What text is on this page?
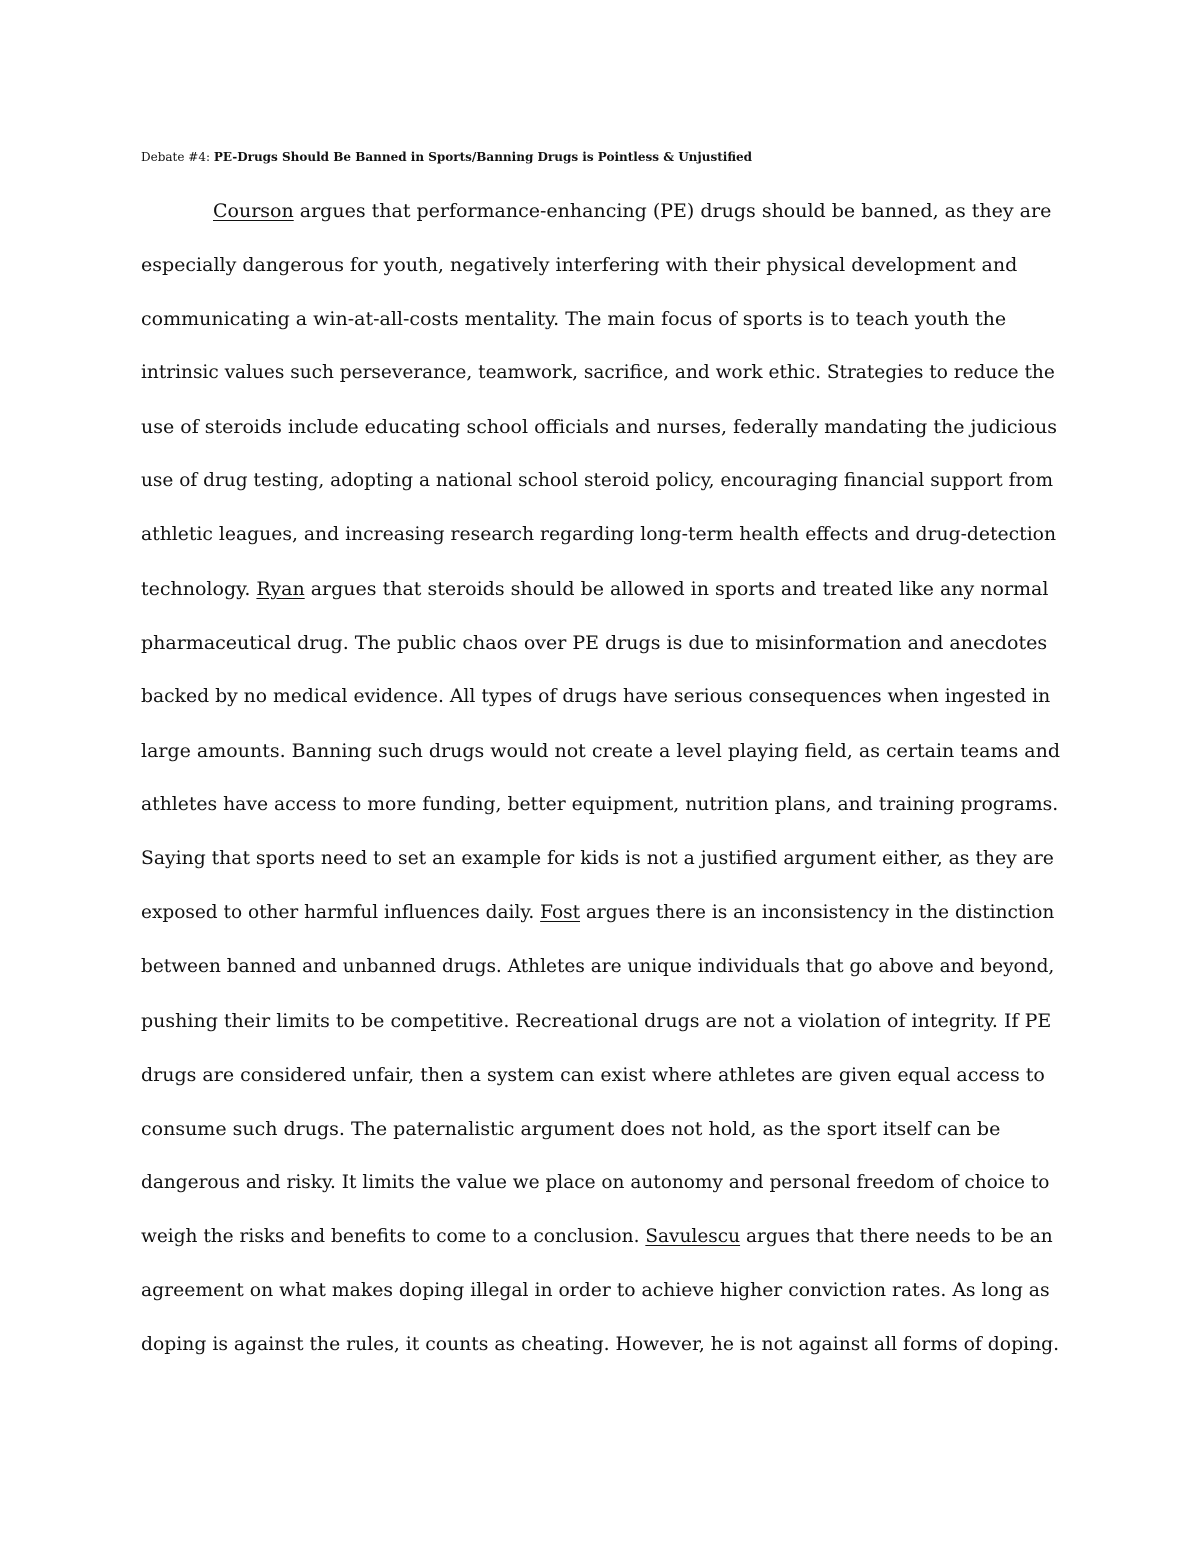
Debate #4: PE-Drugs Should Be Banned in Sports/Banning Drugs is Pointless & Unjustified
Courson argues that performance-enhancing (PE) drugs should be banned, as they are
especially dangerous for youth, negatively interfering with their physical development and
communicating a win-at-all-costs mentality. The main focus of sports is to teach youth the
intrinsic values such perseverance, teamwork, sacrifice, and work ethic. Strategies to reduce the
use of steroids include educating school officials and nurses, federally mandating the judicious
use of drug testing, adopting a national school steroid policy, encouraging financial support from
athletic leagues, and increasing research regarding long-term health effects and drug-detection
technology. Ryan argues that steroids should be allowed in sports and treated like any normal
pharmaceutical drug. The public chaos over PE drugs is due to misinformation and anecdotes
backed by no medical evidence. All types of drugs have serious consequences when ingested in
large amounts. Banning such drugs would not create a level playing field, as certain teams and
athletes have access to more funding, better equipment, nutrition plans, and training programs.
Saying that sports need to set an example for kids is not a justified argument either, as they are
exposed to other harmful influences daily. Fost argues there is an inconsistency in the distinction
between banned and unbanned drugs. Athletes are unique individuals that go above and beyond,
pushing their limits to be competitive. Recreational drugs are not a violation of integrity. If PE
drugs are considered unfair, then a system can exist where athletes are given equal access to
consume such drugs. The paternalistic argument does not hold, as the sport itself can be
dangerous and risky. It limits the value we place on autonomy and personal freedom of choice to
weigh the risks and benefits to come to a conclusion. Savulescu argues that there needs to be an
agreement on what makes doping illegal in order to achieve higher conviction rates. As long as
doping is against the rules, it counts as cheating. However, he is not against all forms of doping.
